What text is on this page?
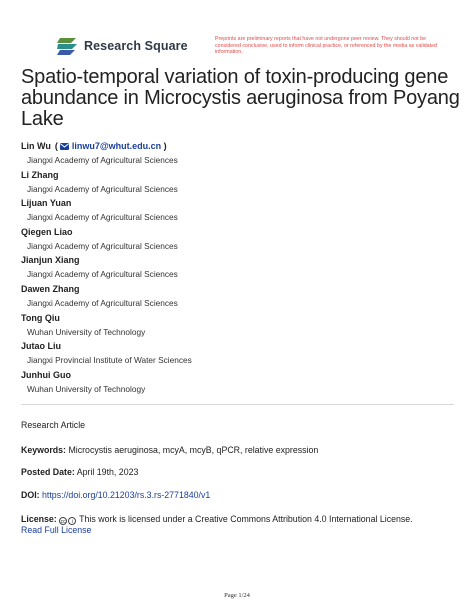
Research Square	Preprints are preliminary reports that have not undergone peer review. They should not be considered conclusive, used to inform clinical practice, or referenced by the media as validated information.
Spatio-temporal variation of toxin-producing gene abundance in Microcystis aeruginosa from Poyang Lake
Lin Wu ( linwu7@whut.edu.cn )
Jiangxi Academy of Agricultural Sciences
Li Zhang
Jiangxi Academy of Agricultural Sciences
Lijuan Yuan
Jiangxi Academy of Agricultural Sciences
Qiegen Liao
Jiangxi Academy of Agricultural Sciences
Jianjun Xiang
Jiangxi Academy of Agricultural Sciences
Dawen Zhang
Jiangxi Academy of Agricultural Sciences
Tong Qiu
Wuhan University of Technology
Jutao Liu
Jiangxi Provincial Institute of Water Sciences
Junhui Guo
Wuhan University of Technology
Research Article
Keywords: Microcystis aeruginosa, mcyA, mcyB, qPCR, relative expression
Posted Date: April 19th, 2023
DOI: https://doi.org/10.21203/rs.3.rs-2771840/v1
License: cc	i This work is licensed under a Creative Commons Attribution 4.0 International License.
Read Full License
Page 1/24
